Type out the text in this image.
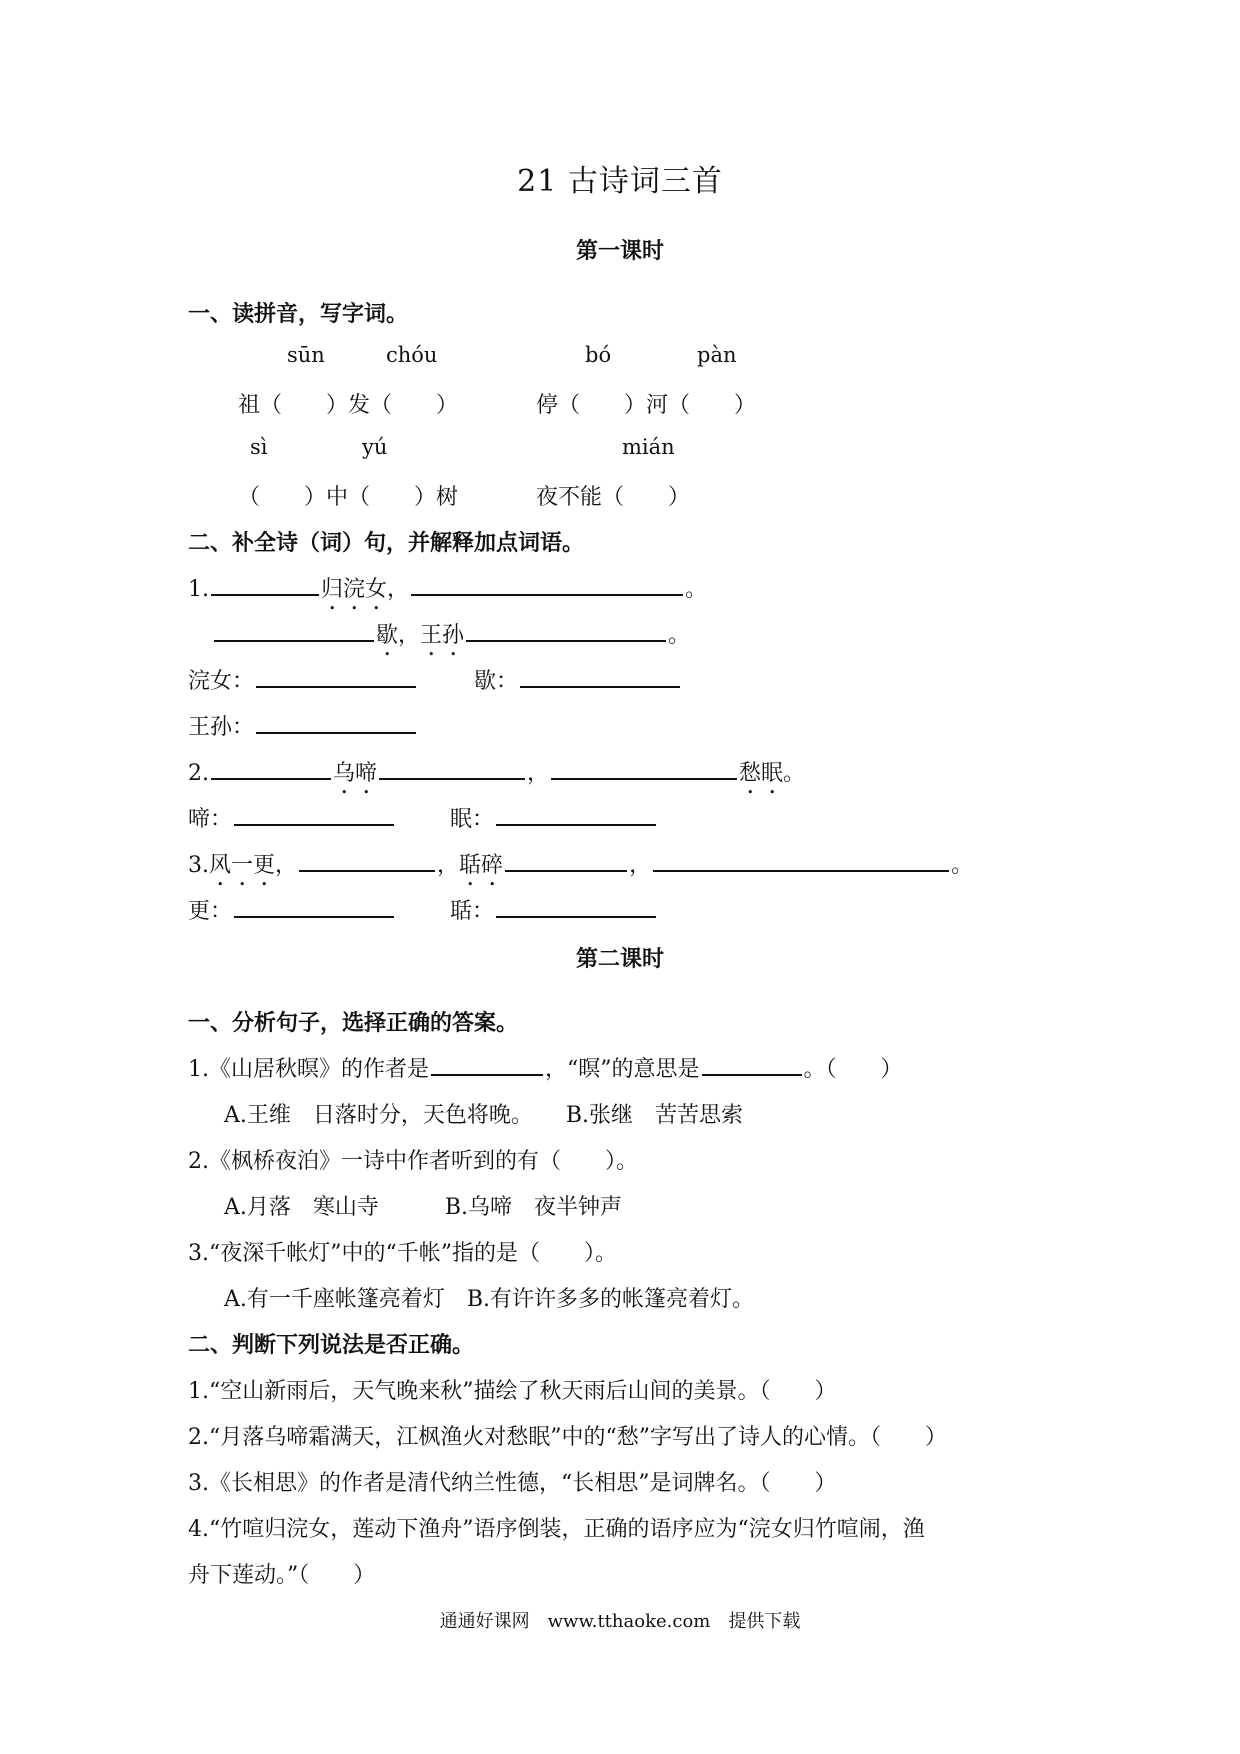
21 古诗词三首
第一课时
一、读拼音，写字词。
sūn	chóu	bó	pàn
祖（　　）发（　　）	停（　　）河（　　）
sì	yú	mián
（　　）中（　　）树	夜不能（　　）
二、补全诗（词）句，并解释加点词语。
1.	归浣女，	。
歇，王孙	。
浣女：	歇：
王孙：
2.	乌啼	，	愁眠。
啼：	眠：
3.风一更，	，聒碎	，	。
更：	聒：
第二课时
一、分析句子，选择正确的答案。
1.《山居秋暝》的作者是	，“暝”的意思是	。（　　）
A.王维　日落时分，天色将晚。　　B.张继　苦苦思索
2.《枫桥夜泊》一诗中作者听到的有（　　）。
A.月落　寒山寺　　　B.乌啼　夜半钟声
3.“夜深千帐灯”中的“千帐”指的是（　　）。
A.有一千座帐篷亮着灯　B.有许许多多的帐篷亮着灯。
二、判断下列说法是否正确。
1.“空山新雨后，天气晚来秋”描绘了秋天雨后山间的美景。（　　）
2.“月落乌啼霜满天，江枫渔火对愁眠”中的“愁”字写出了诗人的心情。（　　）
3.《长相思》的作者是清代纳兰性德，“长相思”是词牌名。（　　）
4.“竹喧归浣女，莲动下渔舟”语序倒装，正确的语序应为“浣女归竹喧闹，渔
舟下莲动。”（　　）
通通好课网　www.tthaoke.com　提供下载
